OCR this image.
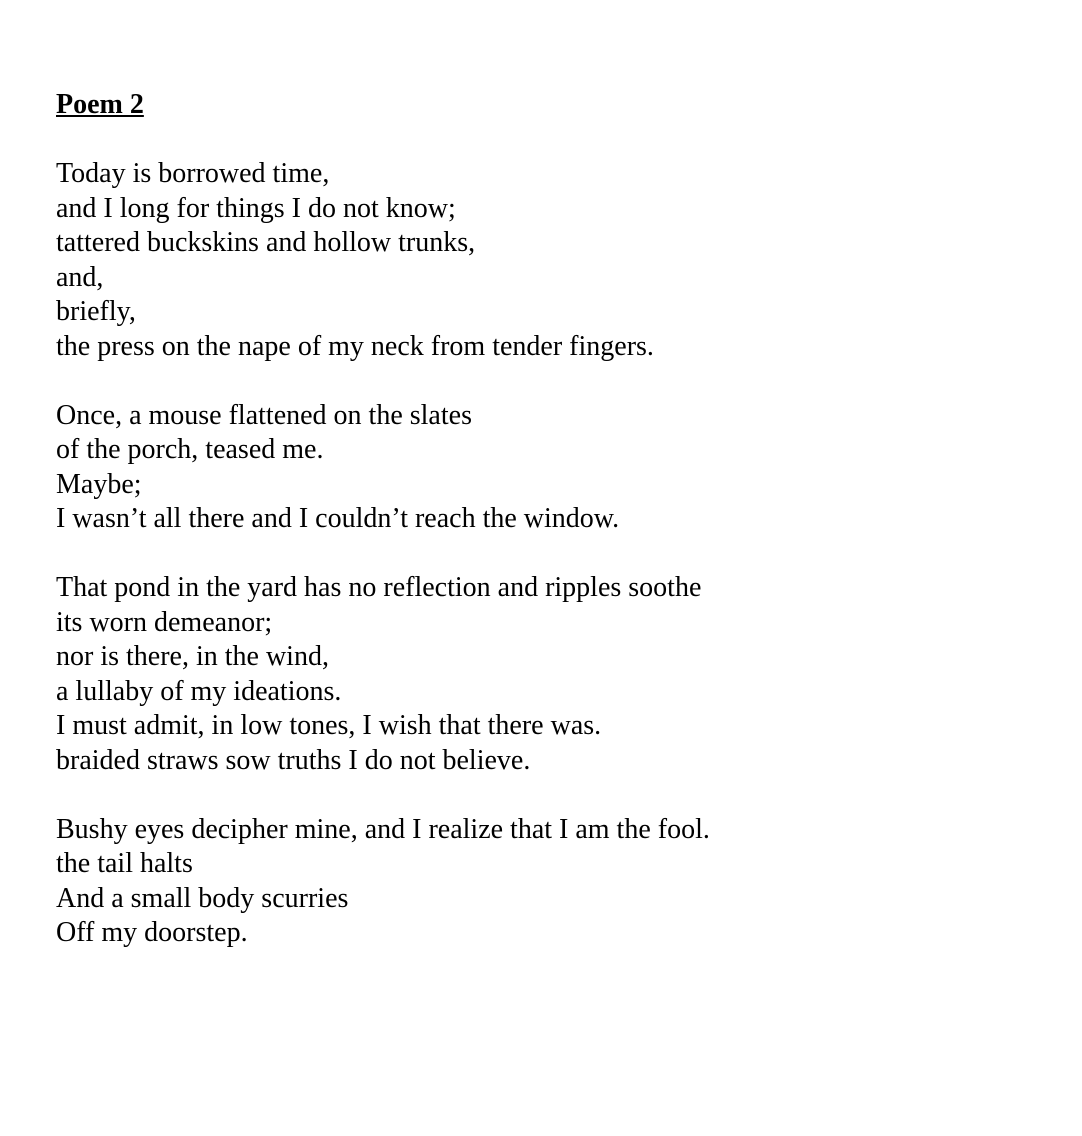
Poem 2
Today is borrowed time,
and I long for things I do not know;
tattered buckskins and hollow trunks,
and,
briefly,
the press on the nape of my neck from tender fingers.
Once, a mouse flattened on the slates
of the porch, teased me.
Maybe;
I wasn’t all there and I couldn’t reach the window.
That pond in the yard has no reflection and ripples soothe
its worn demeanor;
nor is there, in the wind,
a lullaby of my ideations.
I must admit, in low tones, I wish that there was.
braided straws sow truths I do not believe.
Bushy eyes decipher mine, and I realize that I am the fool.
the tail halts
And a small body scurries
Off my doorstep.
